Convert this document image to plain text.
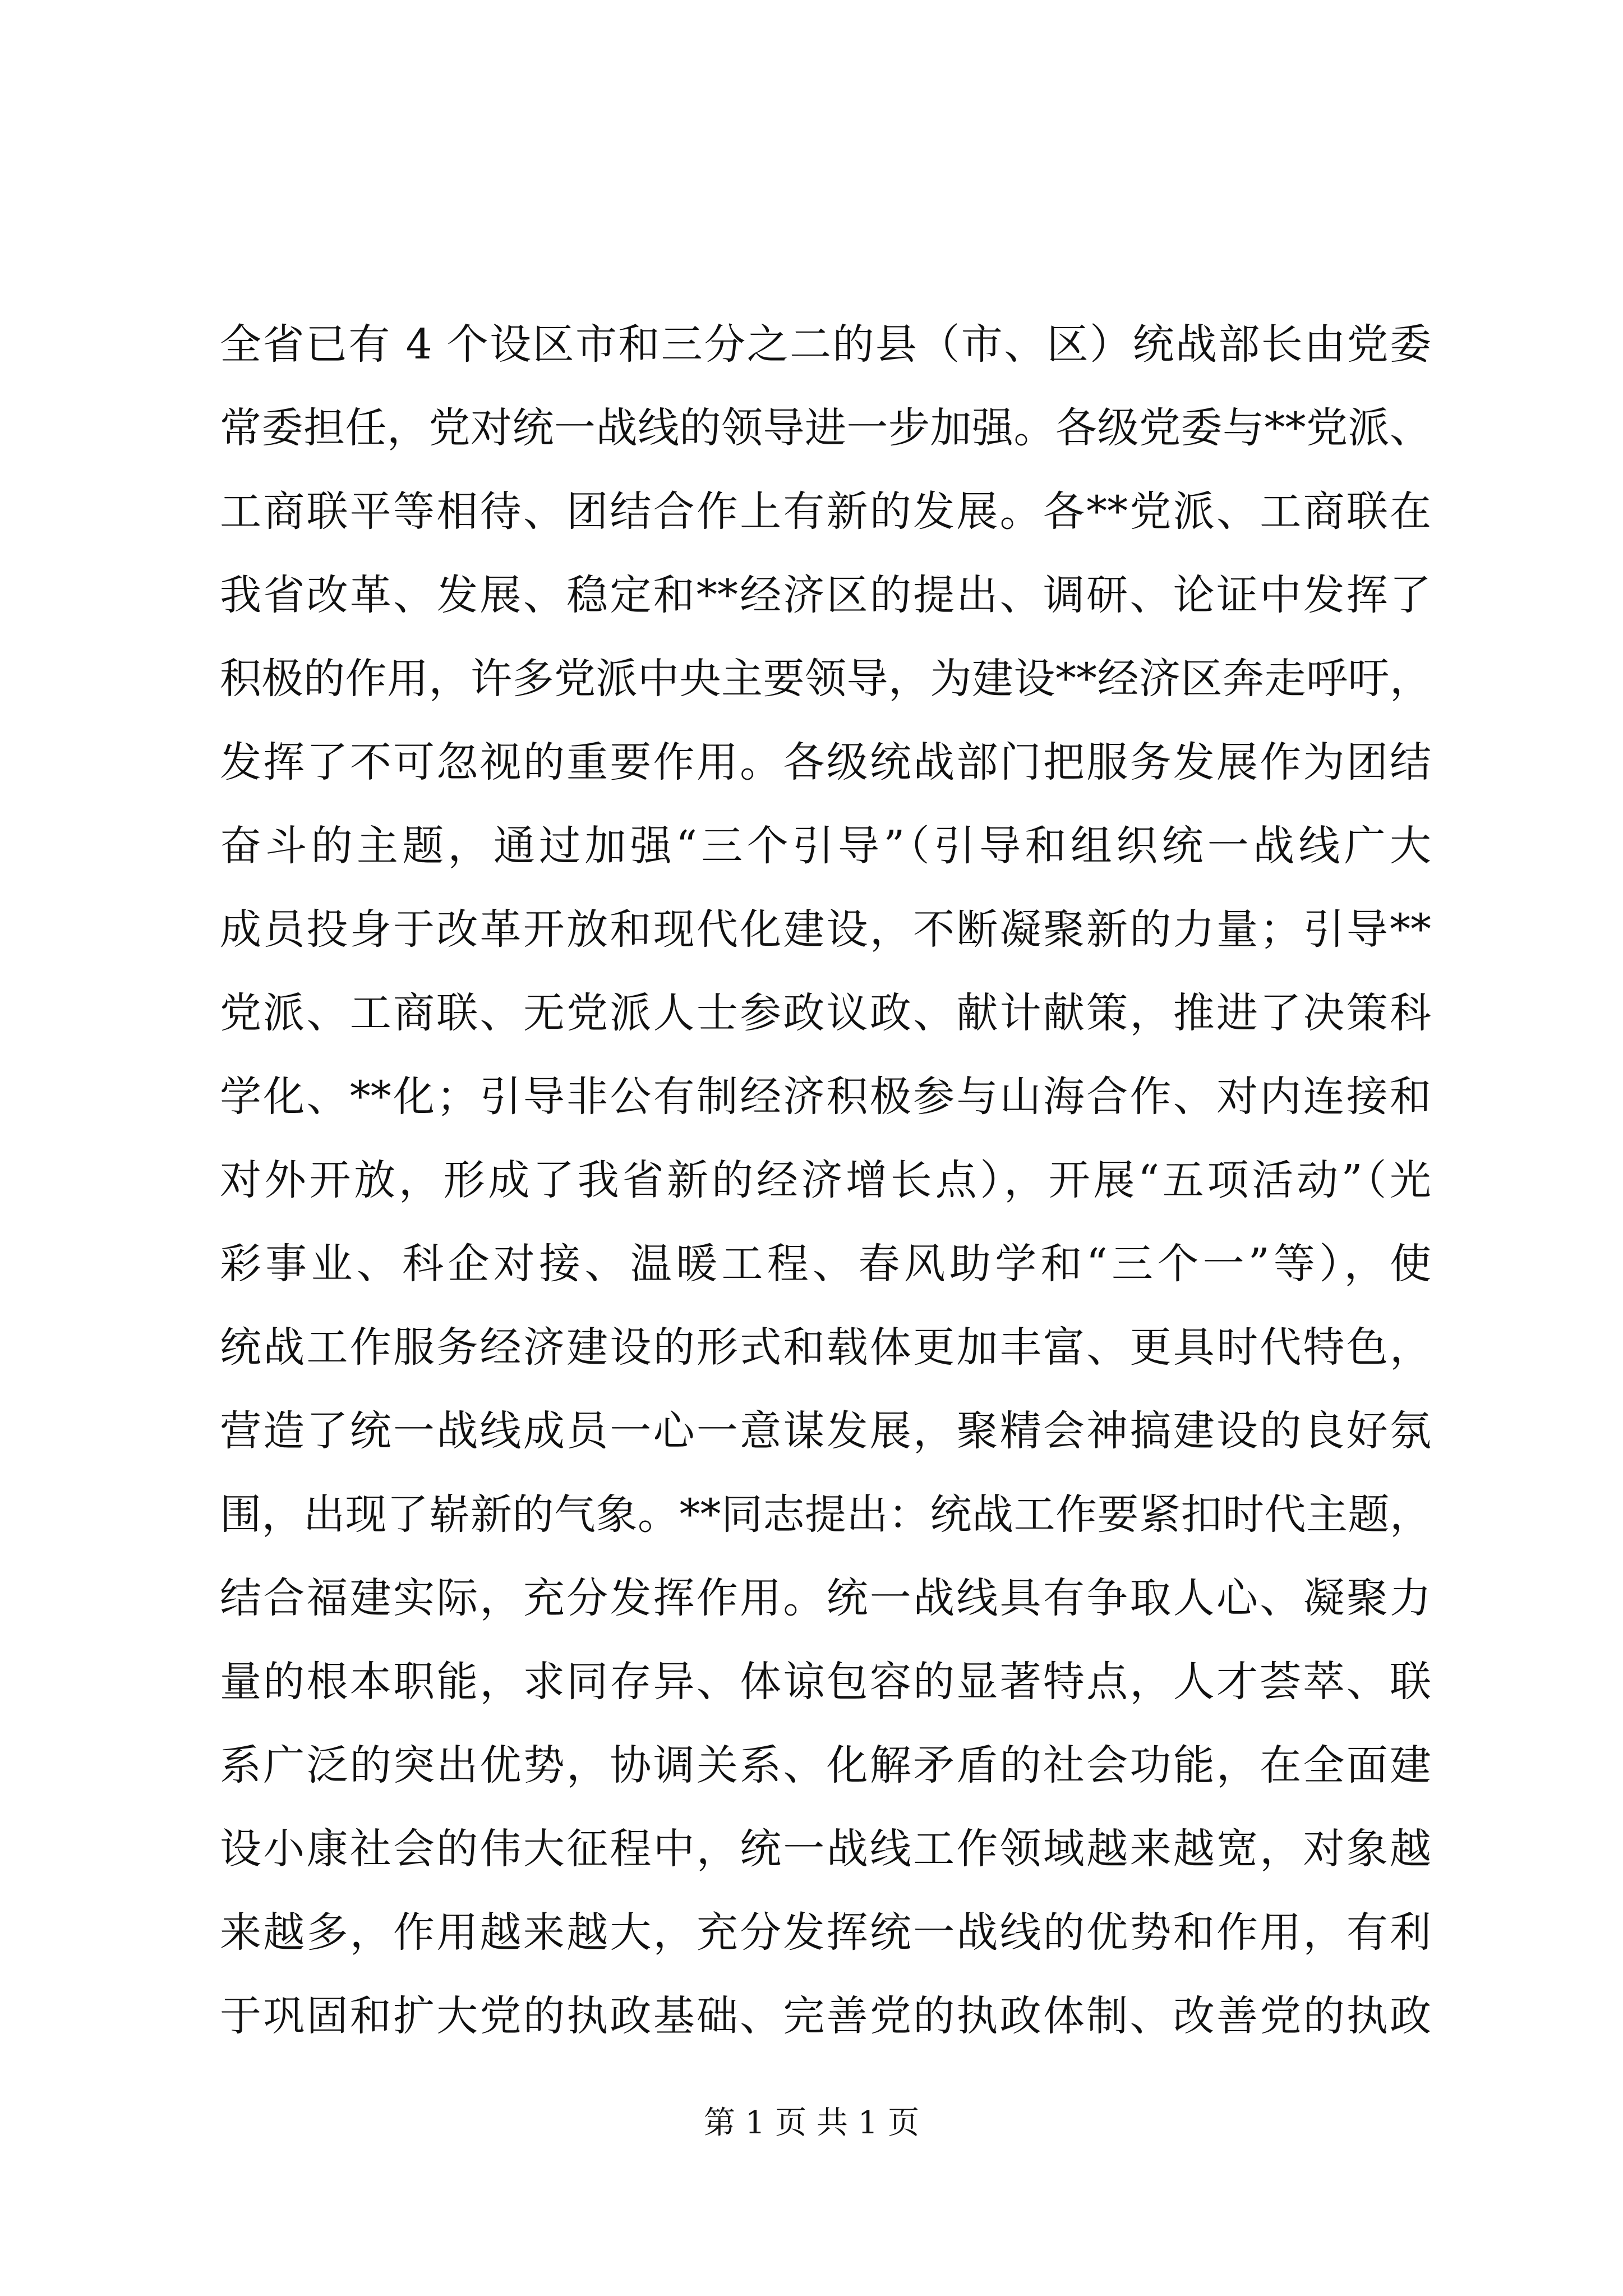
全省已有 4 个设区市和三分之二的县（市、区）统战部长由党委
常委担任，党对统一战线的领导进一步加强。各级党委与**党派、
工商联平等相待、团结合作上有新的发展。各**党派、工商联在
我省改革、发展、稳定和**经济区的提出、调研、论证中发挥了
积极的作用，许多党派中央主要领导，为建设**经济区奔走呼吁，
发挥了不可忽视的重要作用。各级统战部门把服务发展作为团结
奋斗的主题，通过加强“三个引导”（引导和组织统一战线广大
成员投身于改革开放和现代化建设，不断凝聚新的力量；引导**
党派、工商联、无党派人士参政议政、献计献策，推进了决策科
学化、**化；引导非公有制经济积极参与山海合作、对内连接和
对外开放，形成了我省新的经济增长点），开展“五项活动”（光
彩事业、科企对接、温暖工程、春风助学和“三个一”等），使
统战工作服务经济建设的形式和载体更加丰富、更具时代特色，
营造了统一战线成员一心一意谋发展，聚精会神搞建设的良好氛
围，出现了崭新的气象。**同志提出：统战工作要紧扣时代主题，
结合福建实际，充分发挥作用。统一战线具有争取人心、凝聚力
量的根本职能，求同存异、体谅包容的显著特点，人才荟萃、联
系广泛的突出优势，协调关系、化解矛盾的社会功能，在全面建
设小康社会的伟大征程中，统一战线工作领域越来越宽，对象越
来越多，作用越来越大，充分发挥统一战线的优势和作用，有利
于巩固和扩大党的执政基础、完善党的执政体制、改善党的执政
第 1 页 共 1 页
